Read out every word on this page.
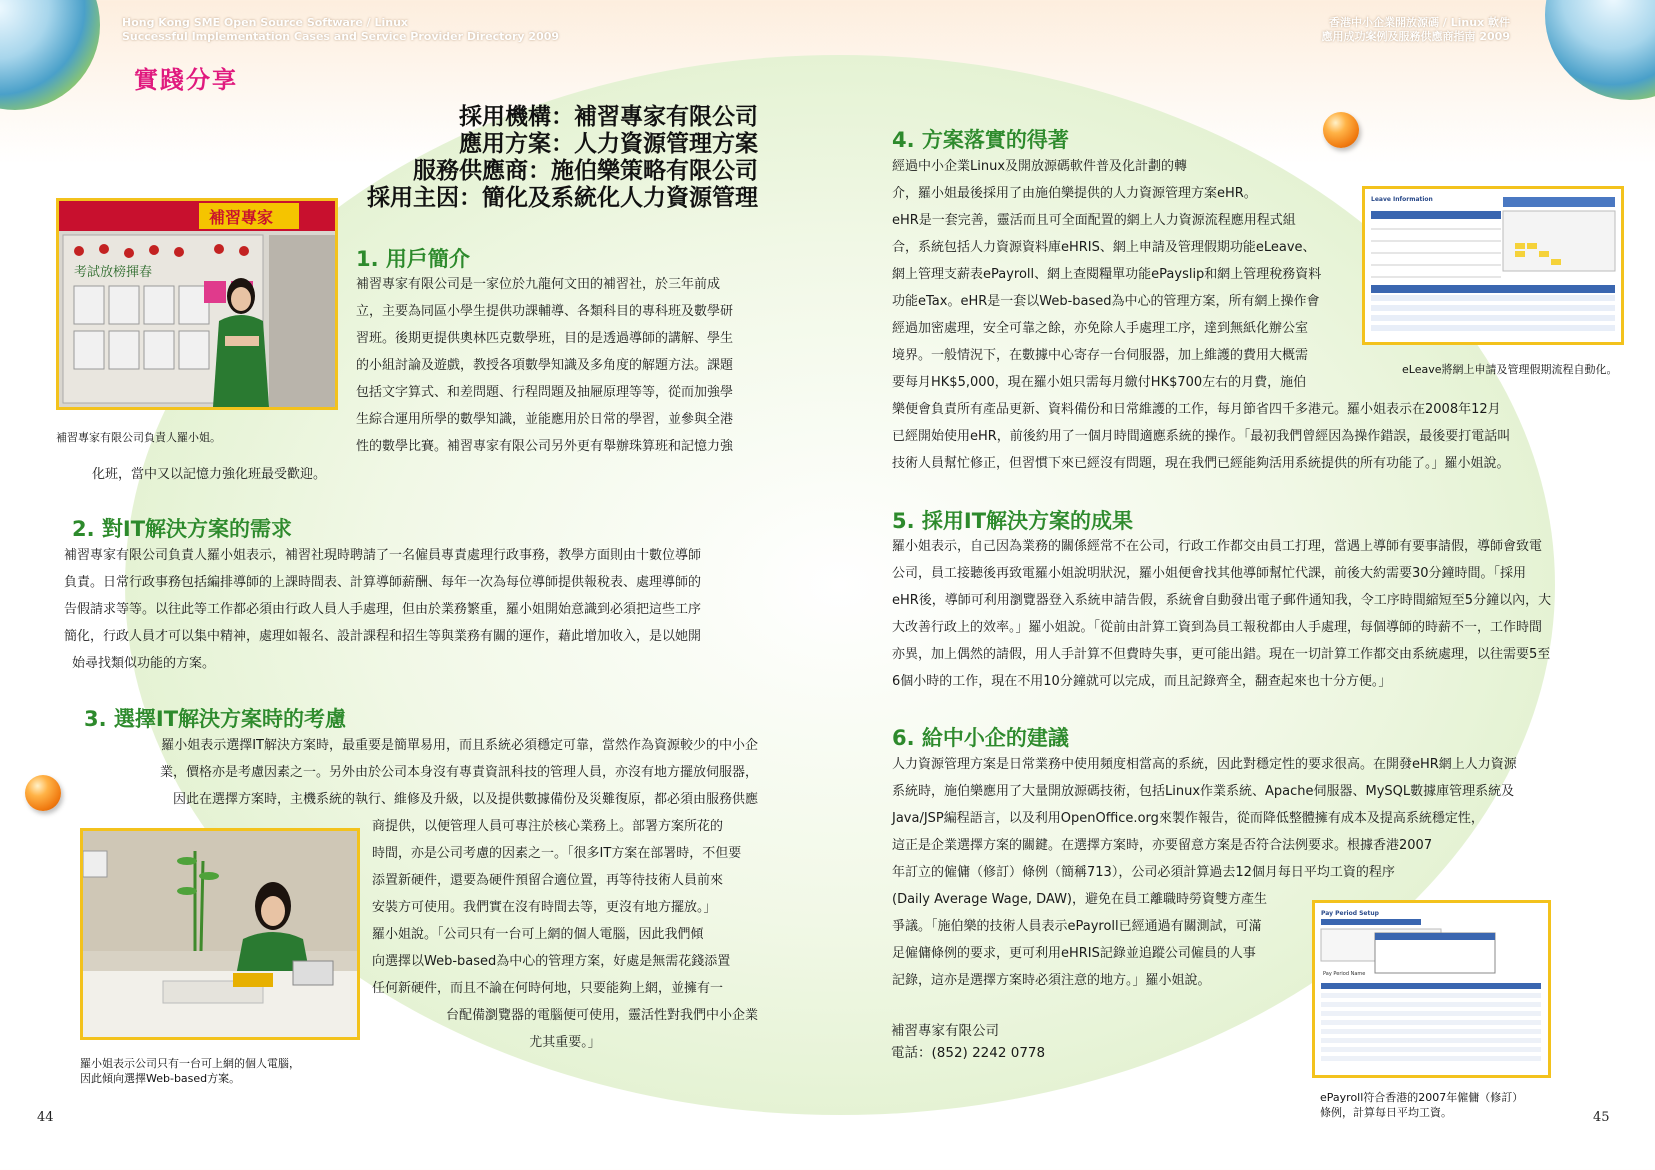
Hong Kong SME Open Source Software / Linux
Successful Implementation Cases and Service Provider Directory 2009
香港中小企業開放源碼 / Linux 軟件
應用成功案例及服務供應商指南 2009
實踐分享
採用機構：補習專家有限公司
應用方案：人力資源管理方案
服務供應商：施伯樂策略有限公司
採用主因：簡化及系統化人力資源管理
補習專家
考試放榜揮春
補習專家有限公司負責人羅小姐。
1. 用戶簡介
補習專家有限公司是一家位於九龍何文田的補習社，於三年前成
立，主要為同區小學生提供功課輔導、各類科目的專科班及數學研
習班。後期更提供奧林匹克數學班，目的是透過導師的講解、學生
的小組討論及遊戲，教授各項數學知識及多角度的解題方法。課題
包括文字算式、和差問題、行程問題及抽屜原理等等，從而加強學
生綜合運用所學的數學知識，並能應用於日常的學習，並參與全港
性的數學比賽。補習專家有限公司另外更有舉辦珠算班和記憶力強
化班，當中又以記憶力強化班最受歡迎。
2. 對IT解決方案的需求
補習專家有限公司負責人羅小姐表示，補習社現時聘請了一名僱員專責處理行政事務，教學方面則由十數位導師
負責。日常行政事務包括編排導師的上課時間表、計算導師薪酬、每年一次為每位導師提供報稅表、處理導師的
告假請求等等。以往此等工作都必須由行政人員人手處理，但由於業務繁重，羅小姐開始意識到必須把這些工序
簡化，行政人員才可以集中精神，處理如報名、設計課程和招生等與業務有關的運作，藉此增加收入，是以她開
始尋找類似功能的方案。
3. 選擇IT解決方案時的考慮
羅小姐表示選擇IT解決方案時，最重要是簡單易用，而且系統必須穩定可靠，當然作為資源較少的中小企
業，價格亦是考慮因素之一。另外由於公司本身沒有專責資訊科技的管理人員，亦沒有地方擺放伺服器，
因此在選擇方案時，主機系統的執行、維修及升級，以及提供數據備份及災難復原，都必須由服務供應
商提供，以便管理人員可專注於核心業務上。部署方案所花的
時間，亦是公司考慮的因素之一。「很多IT方案在部署時，不但要
添置新硬件，還要為硬件預留合適位置，再等待技術人員前來
安裝方可使用。我們實在沒有時間去等，更沒有地方擺放。」
羅小姐說。「公司只有一台可上網的個人電腦，因此我們傾
向選擇以Web-based為中心的管理方案，好處是無需花錢添置
任何新硬件，而且不論在何時何地，只要能夠上網，並擁有一
台配備瀏覽器的電腦便可使用，靈活性對我們中小企業
尤其重要。」
羅小姐表示公司只有一台可上網的個人電腦，
因此傾向選擇Web-based方案。
4. 方案落實的得著
經過中小企業Linux及開放源碼軟件普及化計劃的轉
介，羅小姐最後採用了由施伯樂提供的人力資源管理方案eHR。
eHR是一套完善，靈活而且可全面配置的網上人力資源流程應用程式組
合，系統包括人力資源資料庫eHRIS、網上申請及管理假期功能eLeave、
網上管理支薪表ePayroll、網上查閱糧單功能ePayslip和網上管理稅務資料
功能eTax。eHR是一套以Web-based為中心的管理方案，所有網上操作會
經過加密處理，安全可靠之餘，亦免除人手處理工序，達到無紙化辦公室
境界。一般情況下，在數據中心寄存一台伺服器，加上維護的費用大概需
要每月HK$5,000，現在羅小姐只需每月繳付HK$700左右的月費，施伯
樂便會負責所有產品更新、資料備份和日常維護的工作，每月節省四千多港元。羅小姐表示在2008年12月
已經開始使用eHR，前後約用了一個月時間適應系統的操作。「最初我們曾經因為操作錯誤，最後要打電話叫
技術人員幫忙修正，但習慣下來已經沒有問題，現在我們已經能夠活用系統提供的所有功能了。」羅小姐說。
Leave Information
eLeave將網上申請及管理假期流程自動化。
5. 採用IT解決方案的成果
羅小姐表示，自己因為業務的關係經常不在公司，行政工作都交由員工打理，當遇上導師有要事請假，導師會致電
公司，員工接聽後再致電羅小姐說明狀況，羅小姐便會找其他導師幫忙代課，前後大約需要30分鐘時間。「採用
eHR後，導師可利用瀏覽器登入系統申請告假，系統會自動發出電子郵件通知我，令工序時間縮短至5分鐘以內，大
大改善行政上的效率。」羅小姐說。「從前由計算工資到為員工報稅都由人手處理，每個導師的時薪不一，工作時間
亦異，加上偶然的請假，用人手計算不但費時失事，更可能出錯。現在一切計算工作都交由系統處理，以往需要5至
6個小時的工作，現在不用10分鐘就可以完成，而且記錄齊全，翻查起來也十分方便。」
6. 給中小企的建議
人力資源管理方案是日常業務中使用頻度相當高的系統，因此對穩定性的要求很高。在開發eHR網上人力資源
系統時，施伯樂應用了大量開放源碼技術，包括Linux作業系統、Apache伺服器、MySQL數據庫管理系統及
Java/JSP編程語言，以及利用OpenOffice.org來製作報告，從而降低整體擁有成本及提高系統穩定性，
這正是企業選擇方案的關鍵。在選擇方案時，亦要留意方案是否符合法例要求。根據香港2007
年訂立的僱傭（修訂）條例（簡稱713），公司必須計算過去12個月每日平均工資的程序
(Daily Average Wage, DAW)，避免在員工離職時勞資雙方產生
爭議。「施伯樂的技術人員表示ePayroll已經通過有關測試，可滿
足僱傭條例的要求，更可利用eHRIS記錄並追蹤公司僱員的人事
記錄，這亦是選擇方案時必須注意的地方。」羅小姐說。
補習專家有限公司
電話：(852) 2242 0778
Pay Period Setup
Pay Period Name
ePayroll符合香港的2007年僱傭（修訂）
條例，計算每日平均工資。
44	45
